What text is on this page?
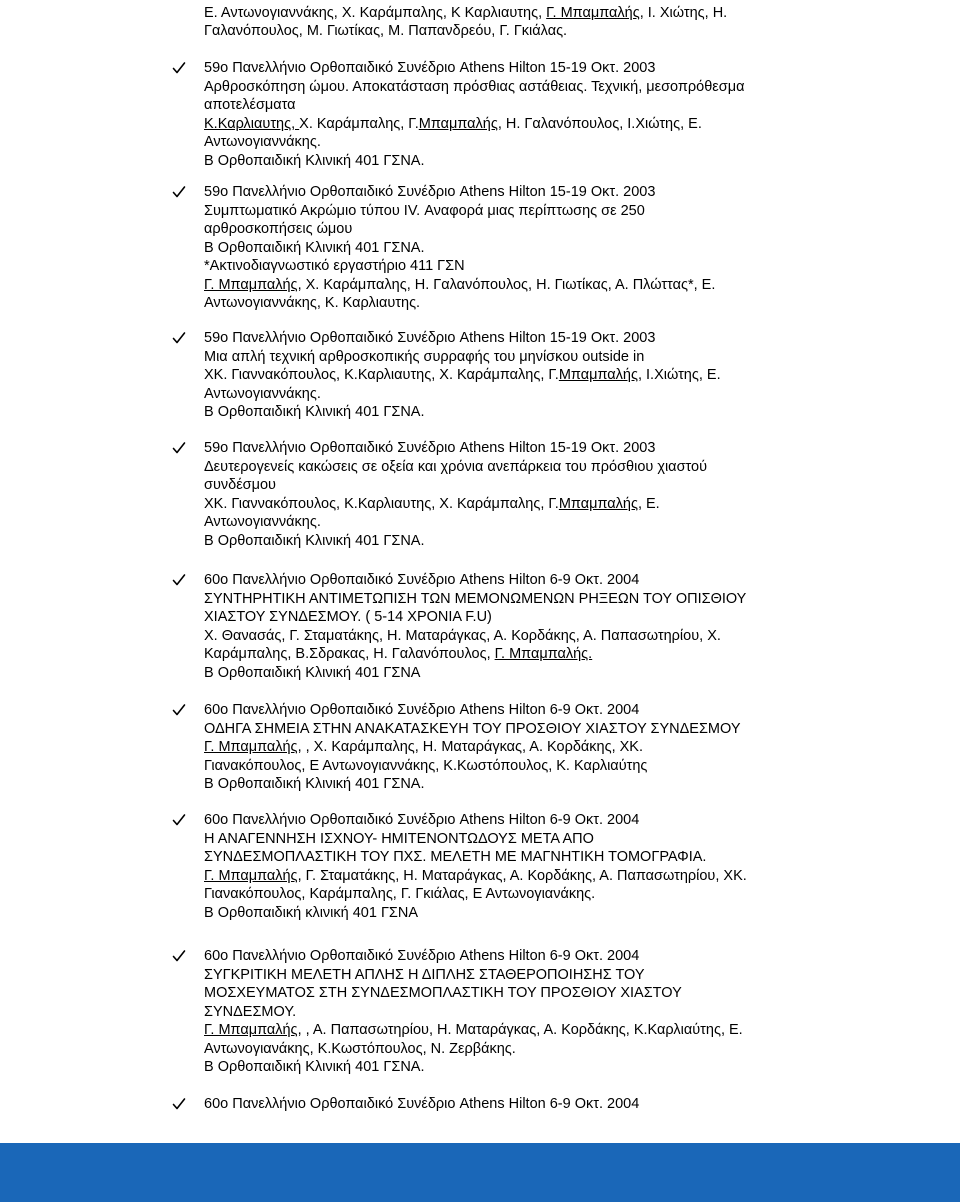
Ε. Αντωνογιαννάκης, Χ. Καράμπαλης, Κ Καρλιαυτης, Γ. Μπαμπαλής, Ι. Χιώτης, Η.
Γαλανόπουλος, Μ. Γιωτίκας, Μ. Παπανδρεόυ, Γ. Γκιάλας.
59ο Πανελλήνιο Ορθοπαιδικό Συνέδριο Athens Hilton 15-19 Οκτ. 2003
Αρθροσκόπηση ώμου. Αποκατάσταση πρόσθιας αστάθειας. Τεχνική, μεσοπρόθεσμα
αποτελέσματα
Κ.Καρλιαυτης, Χ. Καράμπαλης, Γ.Μπαμπαλής, Η. Γαλανόπουλος, Ι.Χιώτης, Ε.
Αντωνογιαννάκης.
Β Ορθοπαιδική Κλινική 401 ΓΣΝΑ.
59ο Πανελλήνιο Ορθοπαιδικό Συνέδριο Athens Hilton 15-19 Οκτ. 2003
Συμπτωματικό Ακρώμιο τύπου IV. Αναφορά μιας περίπτωσης σε 250
αρθροσκοπήσεις ώμου
Β Ορθοπαιδική Κλινική 401 ΓΣΝΑ.
*Ακτινοδιαγνωστικό εργαστήριο 411 ΓΣΝ
Γ. Μπαμπαλής, Χ. Καράμπαλης, Η. Γαλανόπουλος, Η. Γιωτίκας, Α. Πλώττας*, Ε.
Αντωνογιαννάκης, Κ. Καρλιαυτης.
59ο Πανελλήνιο Ορθοπαιδικό Συνέδριο Athens Hilton 15-19 Οκτ. 2003
Μια απλή τεχνική αρθροσκοπικής συρραφής του μηνίσκου outside in
ΧΚ. Γιαννακόπουλος, Κ.Καρλιαυτης, Χ. Καράμπαλης, Γ.Μπαμπαλής, Ι.Χιώτης, Ε.
Αντωνογιαννάκης.
Β Ορθοπαιδική Κλινική 401 ΓΣΝΑ.
59ο Πανελλήνιο Ορθοπαιδικό Συνέδριο Athens Hilton 15-19 Οκτ. 2003
Δευτερογενείς κακώσεις σε οξεία και χρόνια ανεπάρκεια του πρόσθιου χιαστού
συνδέσμου
ΧΚ. Γιαννακόπουλος, Κ.Καρλιαυτης, Χ. Καράμπαλης, Γ.Μπαμπαλής, Ε.
Αντωνογιαννάκης.
Β Ορθοπαιδική Κλινική 401 ΓΣΝΑ.
60ο Πανελλήνιο Ορθοπαιδικό Συνέδριο Athens Hilton 6-9 Οκτ. 2004
ΣΥΝΤΗΡΗΤΙΚΗ ΑΝΤΙΜΕΤΩΠΙΣΗ ΤΩΝ ΜΕΜΟΝΩΜΕΝΩΝ ΡΗΞΕΩΝ ΤΟΥ ΟΠΙΣΘΙΟΥ
ΧΙΑΣΤΟΥ ΣΥΝΔΕΣΜΟΥ. ( 5-14 ΧΡΟΝΙΑ F.U)
Χ. Θανασάς, Γ. Σταματάκης, Η. Ματαράγκας, Α. Κορδάκης, Α. Παπασωτηρίου, Χ.
Καράμπαλης, Β.Σδρακας, Η. Γαλανόπουλος, Γ. Μπαμπαλής.
Β Ορθοπαιδική Κλινική 401 ΓΣΝΑ
60ο Πανελλήνιο Ορθοπαιδικό Συνέδριο Athens Hilton 6-9 Οκτ. 2004
ΟΔΗΓΑ ΣΗΜΕΙΑ ΣΤΗΝ ΑΝΑΚΑΤΑΣΚΕΥΗ ΤΟΥ ΠΡΟΣΘΙΟΥ ΧΙΑΣΤΟΥ ΣΥΝΔΕΣΜΟΥ
Γ. Μπαμπαλής, , Χ. Καράμπαλης, Η. Ματαράγκας, Α. Κορδάκης, ΧΚ.
Γιανακόπουλος, Ε Αντωνογιαννάκης, Κ.Κωστόπουλος, Κ. Καρλιαύτης
Β Ορθοπαιδική Κλινική 401 ΓΣΝΑ.
60ο Πανελλήνιο Ορθοπαιδικό Συνέδριο Athens Hilton 6-9 Οκτ. 2004
Η ΑΝΑΓΕΝΝΗΣΗ ΙΣΧΝΟΥ- ΗΜΙΤΕΝΟΝΤΩΔΟΥΣ ΜΕΤΑ ΑΠΟ
ΣΥΝΔΕΣΜΟΠΛΑΣΤΙΚΗ ΤΟΥ ΠΧΣ. ΜΕΛΕΤΗ ΜΕ ΜΑΓΝΗΤΙΚΗ ΤΟΜΟΓΡΑΦΙΑ.
Γ. Μπαμπαλής, Γ. Σταματάκης, Η. Ματαράγκας, Α. Κορδάκης, Α. Παπασωτηρίου, ΧΚ.
Γιανακόπουλος, Καράμπαλης, Γ. Γκιάλας, Ε Αντωνογιανάκης.
Β Ορθοπαιδική κλινική 401 ΓΣΝΑ
60ο Πανελλήνιο Ορθοπαιδικό Συνέδριο Athens Hilton 6-9 Οκτ. 2004
ΣΥΓΚΡΙΤΙΚΗ ΜΕΛΕΤΗ ΑΠΛΗΣ Η ΔΙΠΛΗΣ ΣΤΑΘΕΡΟΠΟΙΗΣΗΣ ΤΟΥ
ΜΟΣΧΕΥΜΑΤΟΣ ΣΤΗ ΣΥΝΔΕΣΜΟΠΛΑΣΤΙΚΗ ΤΟΥ ΠΡΟΣΘΙΟΥ ΧΙΑΣΤΟΥ
ΣΥΝΔΕΣΜΟΥ.
Γ. Μπαμπαλής, , Α. Παπασωτηρίου, Η. Ματαράγκας, Α. Κορδάκης, Κ.Καρλιαύτης, Ε.
Αντωνογιανάκης, Κ.Κωστόπουλος, Ν. Ζερβάκης.
Β Ορθοπαιδική Κλινική 401 ΓΣΝΑ.
60ο Πανελλήνιο Ορθοπαιδικό Συνέδριο Athens Hilton 6-9 Οκτ. 2004
